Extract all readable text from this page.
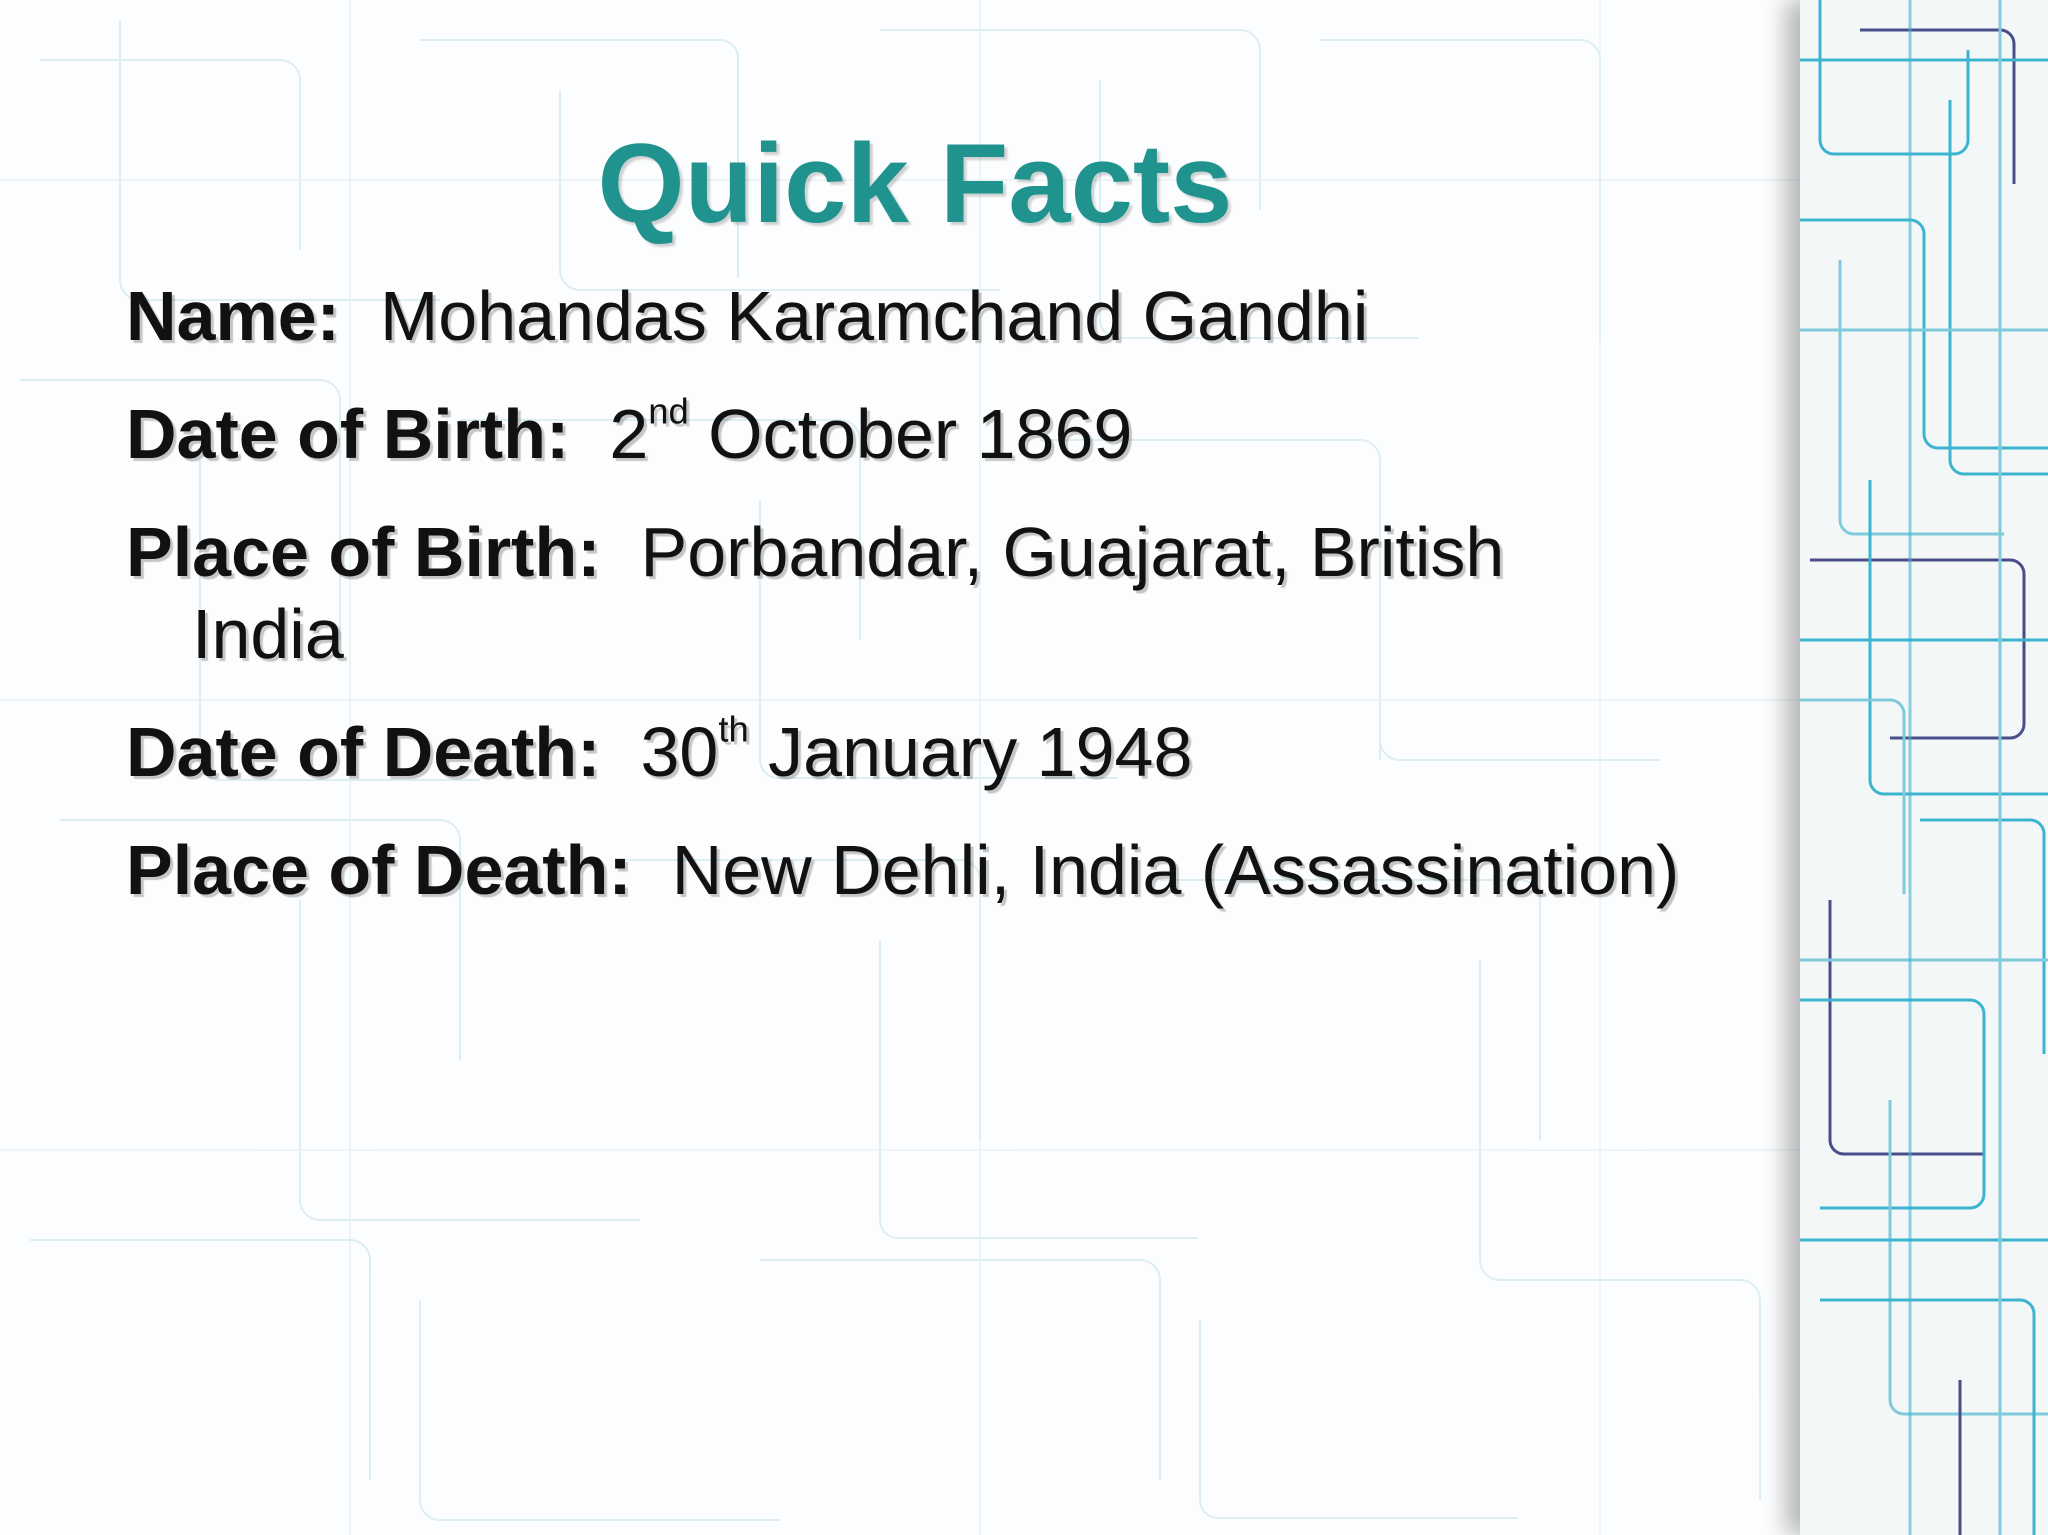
Quick Facts
Name: Mohandas Karamchand Gandhi
Date of Birth: 2nd October 1869
Place of Birth: Porbandar, Guajarat, British India
Date of Death: 30th January 1948
Place of Death: New Dehli, India (Assassination)
